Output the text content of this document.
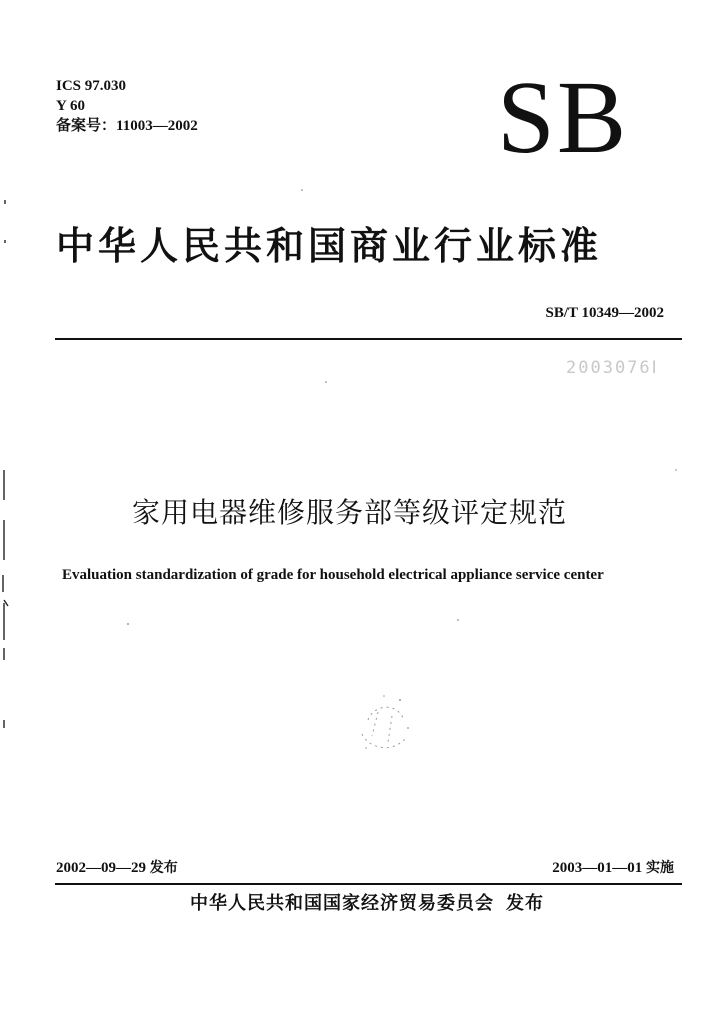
ICS 97.030
Y 60
备案号：11003—2002	SB
中华人民共和国商业行业标准
SB/T 10349—2002
2003076Ⅰ
家用电器维修服务部等级评定规范
Evaluation standardization of grade for household electrical appliance service center
2002—09—29 发布	2003—01—01 实施
中华人民共和国国家经济贸易委员会 发布
